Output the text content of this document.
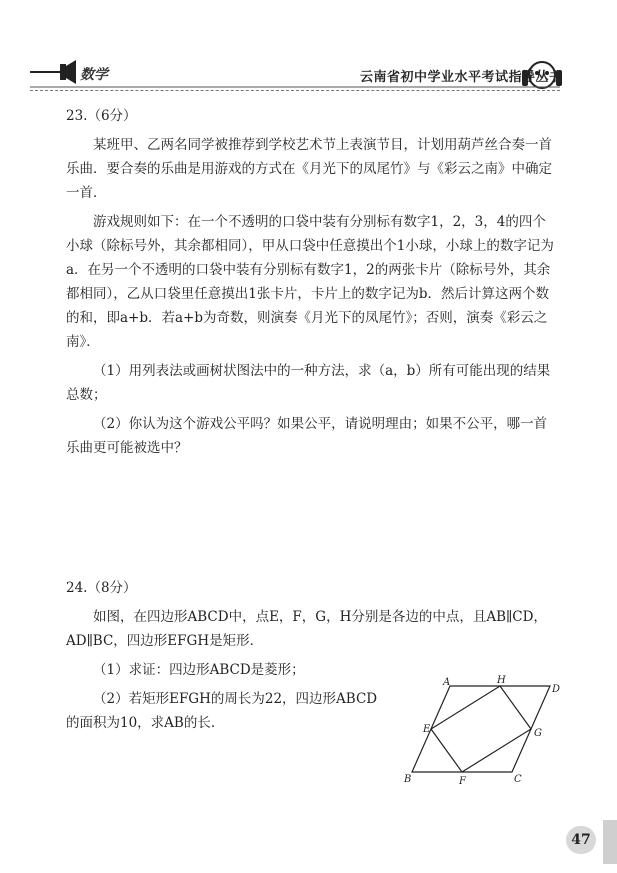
数学	云南省初中学业水平考试指导丛书

23.（6分）

某班甲、乙两名同学被推荐到学校艺术节上表演节目，计划用葫芦丝合奏一首乐曲．要合奏的乐曲是用游戏的方式在《月光下的凤尾竹》与《彩云之南》中确定一首．

游戏规则如下：在一个不透明的口袋中装有分别标有数字1，2，3，4的四个小球（除标号外，其余都相同），甲从口袋中任意摸出个1小球，小球上的数字记为a．在另一个不透明的口袋中装有分别标有数字1，2的两张卡片（除标号外，其余都相同），乙从口袋里任意摸出1张卡片，卡片上的数字记为b．然后计算这两个数的和，即a+b．若a+b为奇数，则演奏《月光下的凤尾竹》；否则，演奏《彩云之南》．

（1）用列表法或画树状图法中的一种方法，求（a，b）所有可能出现的结果总数；

（2）你认为这个游戏公平吗？如果公平，请说明理由；如果不公平，哪一首乐曲更可能被选中？

24.（8分）

如图，在四边形ABCD中，点E，F，G，H分别是各边的中点，且AB∥CD，AD∥BC，四边形EFGH是矩形．

（1）求证：四边形ABCD是菱形；

（2）若矩形EFGH的周长为22，四边形ABCD的面积为10，求AB的长．

A	H
D
E	G
B	F	C
47
